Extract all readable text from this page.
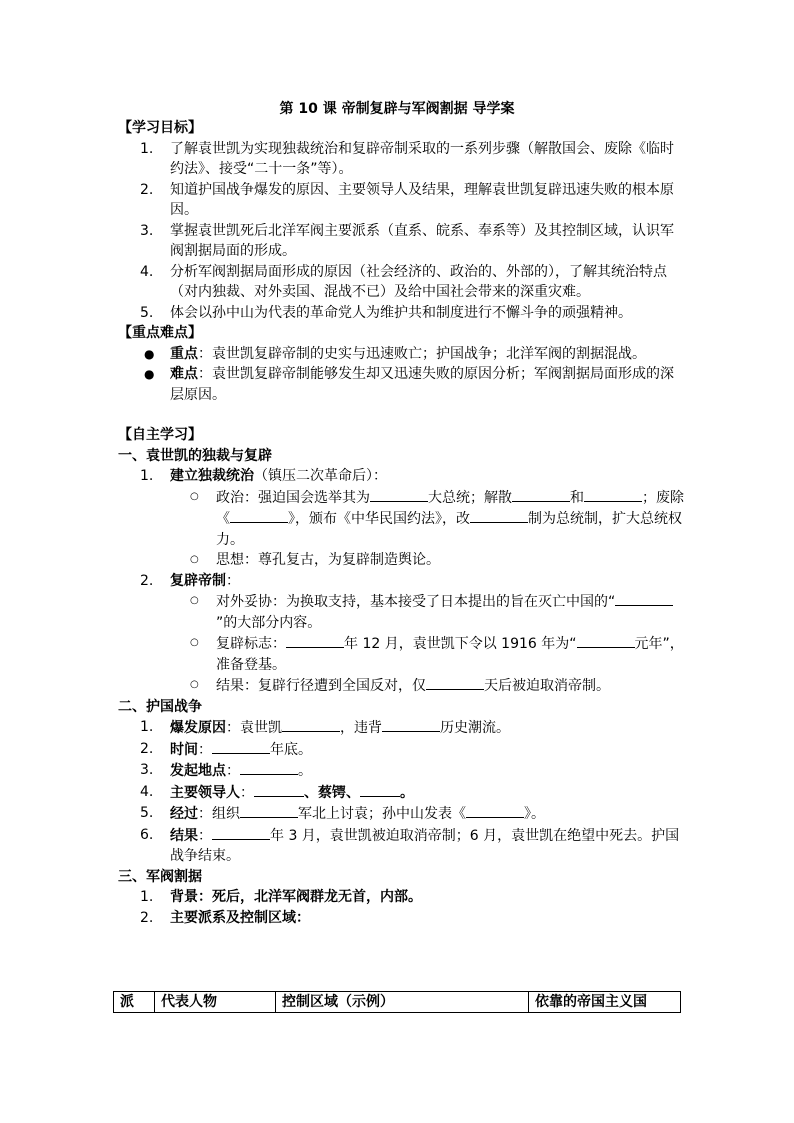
第 10 课 帝制复辟与军阀割据 导学案

【学习目标】

1. 了解袁世凯为实现独裁统治和复辟帝制采取的一系列步骤（解散国会、废除《临时约法》、接受“二十一条”等）。
2. 知道护国战争爆发的原因、主要领导人及结果，理解袁世凯复辟迅速失败的根本原因。
3. 掌握袁世凯死后北洋军阀主要派系（直系、皖系、奉系等）及其控制区域，认识军阀割据局面的形成。
4. 分析军阀割据局面形成的原因（社会经济的、政治的、外部的），了解其统治特点（对内独裁、对外卖国、混战不已）及给中国社会带来的深重灾难。
5. 体会以孙中山为代表的革命党人为维护共和制度进行不懈斗争的顽强精神。

【重点难点】

● 重点：袁世凯复辟帝制的史实与迅速败亡；护国战争；北洋军阀的割据混战。
● 难点：袁世凯复辟帝制能够发生却又迅速失败的原因分析；军阀割据局面形成的深层原因。

【自主学习】

一、袁世凯的独裁与复辟

1. 建立独裁统治（镇压二次革命后）：
○ 政治：强迫国会选举其为	大总统；解散	和	；废除《	》，颁布《中华民国约法》，改	制为总统制，扩大总统权力。
○ 思想：尊孔复古，为复辟制造舆论。
2. 复辟帝制：
○ 对外妥协：为换取支持，基本接受了日本提出的旨在灭亡中国的“”的大部分内容。
○ 复辟标志：	年 12 月，袁世凯下令以 1916 年为“	元年”，准备登基。
○ 结果：复辟行径遭到全国反对，仅	天后被迫取消帝制。

二、护国战争

1. 爆发原因：袁世凯	，违背	历史潮流。
2. 时间：	年底。
3. 发起地点：	。
4. 主要领导人：	、蔡锷、	。
5. 经过：组织	军北上讨袁；孙中山发表《	》。
6. 结果：	年 3 月，袁世凯被迫取消帝制；6 月，袁世凯在绝望中死去。护国战争结束。

三、军阀割据

1. 背景：死后，北洋军阀群龙无首，内部。
2. 主要派系及控制区域：
派	代表人物	控制区域（示例）	依靠的帝国主义国
